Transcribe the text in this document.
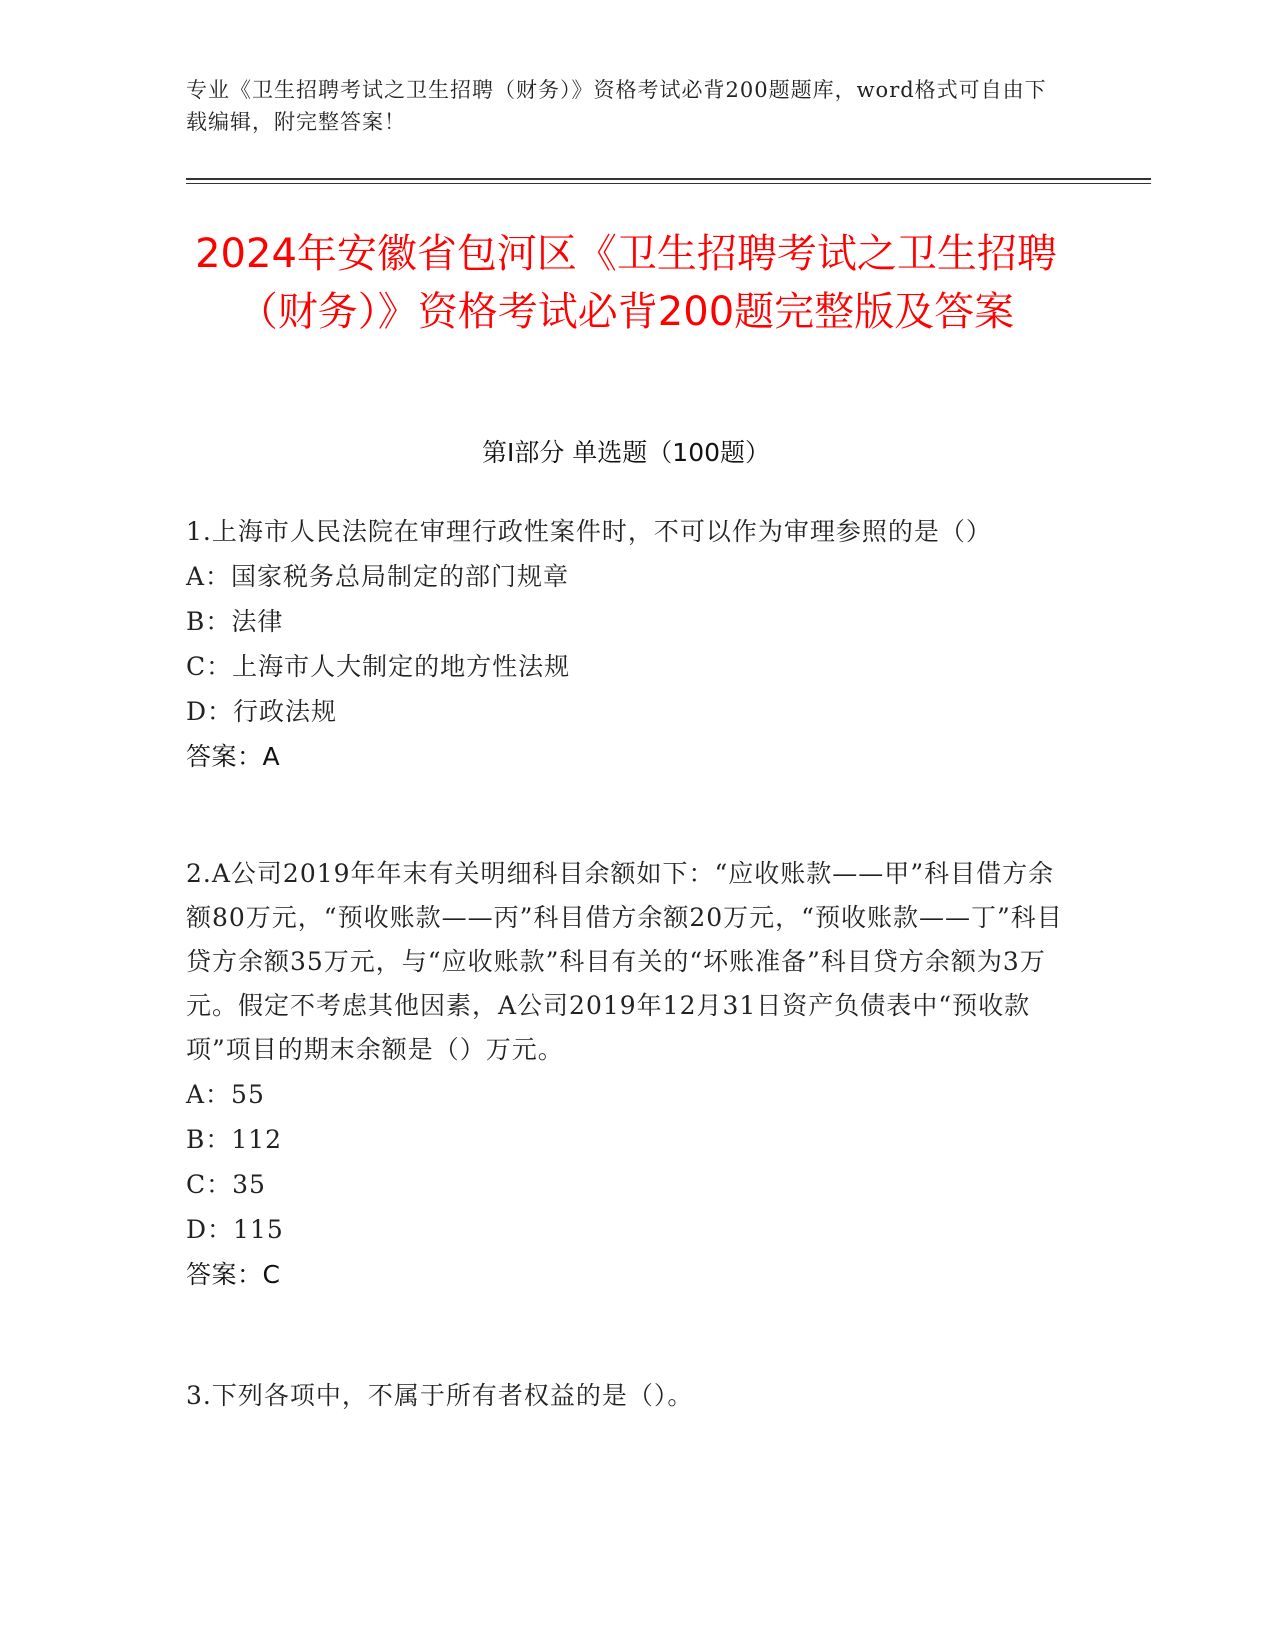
专业《卫生招聘考试之卫生招聘（财务）》资格考试必背200题题库，word格式可自由下载编辑，附完整答案！
2024年安徽省包河区《卫生招聘考试之卫生招聘（财务）》资格考试必背200题完整版及答案
第I部分 单选题（100题）
1.上海市人民法院在审理行政性案件时，不可以作为审理参照的是（）
A：国家税务总局制定的部门规章
B：法律
C：上海市人大制定的地方性法规
D：行政法规
答案：A
2.A公司2019年年末有关明细科目余额如下：“应收账款——甲”科目借方余额80万元，“预收账款——丙”科目借方余额20万元，“预收账款——丁”科目贷方余额35万元，与“应收账款”科目有关的“坏账准备”科目贷方余额为3万元。假定不考虑其他因素，A公司2019年12月31日资产负债表中“预收款项”项目的期末余额是（）万元。
A：55
B：112
C：35
D：115
答案：C
3.下列各项中，不属于所有者权益的是（）。
